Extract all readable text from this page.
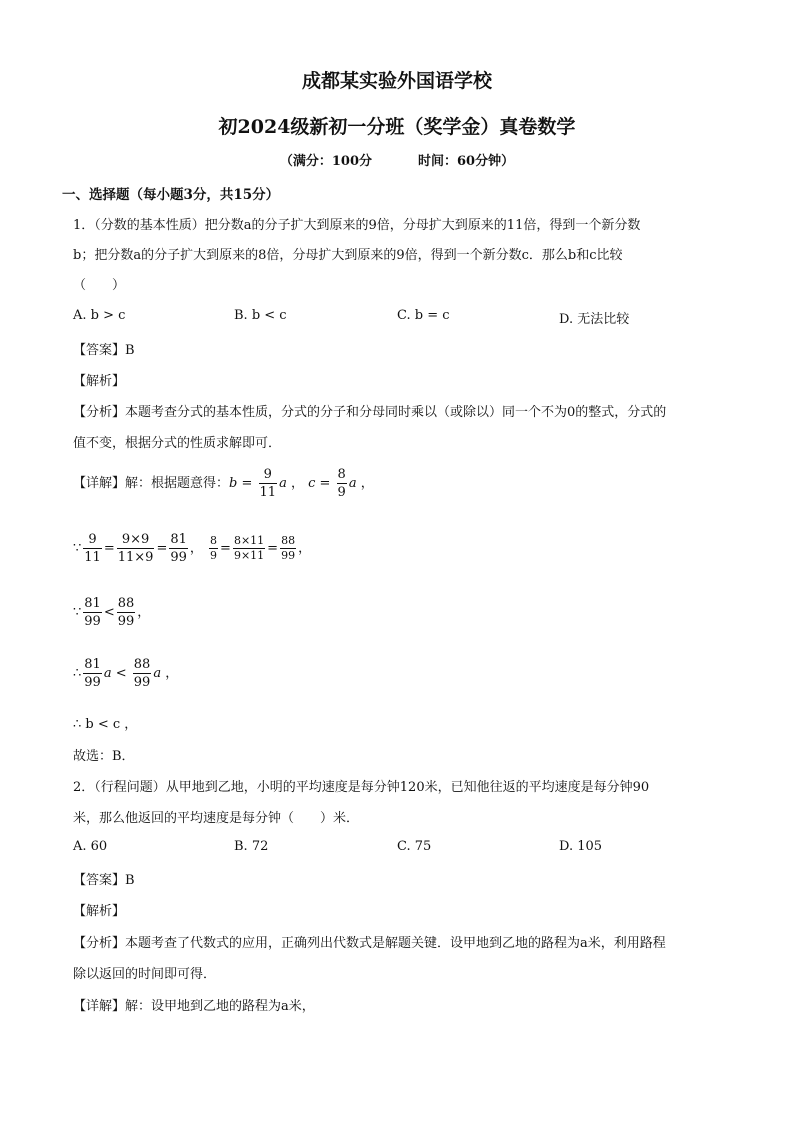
成都某实验外国语学校
初2024级新初一分班（奖学金）真卷数学
（满分：100分	时间：60分钟）
一、选择题（每小题3分，共15分）
1．（分数的基本性质）把分数a的分子扩大到原来的9倍，分母扩大到原来的11倍，得到一个新分数
b；把分数a的分子扩大到原来的8倍，分母扩大到原来的9倍，得到一个新分数c．那么b和c比较
（　　）
A. b > c	B. b < c	C. b = c	D. 无法比较
【答案】B
【解析】
【分析】本题考查分式的基本性质，分式的分子和分母同时乘以（或除以）同一个不为0的整式，分式的
值不变，根据分式的性质求解即可．
【详解】解：根据题意得：$b = \frac{9}{11}$ a ， $c = \frac{8}{9}$ a ，
∵ $\frac{9}{11} = \frac{9\times 9}{11\times 9} = \frac{81}{99}$ ， $\frac{8}{9} = \frac{8\times 11}{9\times 11} = \frac{88}{99}$ ，
∵ $\frac{81}{99} < \frac{88}{99}$ ，
∴ $\frac{81}{99}$ $a < \frac{88}{99}$ a ，
∴ b < c ，
故选：B．
2．（行程问题）从甲地到乙地，小明的平均速度是每分钟120米，已知他往返的平均速度是每分钟90
米，那么他返回的平均速度是每分钟（　　）米．
A. 60	B. 72	C. 75	D. 105
【答案】B
【解析】
【分析】本题考查了代数式的应用，正确列出代数式是解题关键．设甲地到乙地的路程为a米，利用路程
除以返回的时间即可得．
【详解】解：设甲地到乙地的路程为a米，
